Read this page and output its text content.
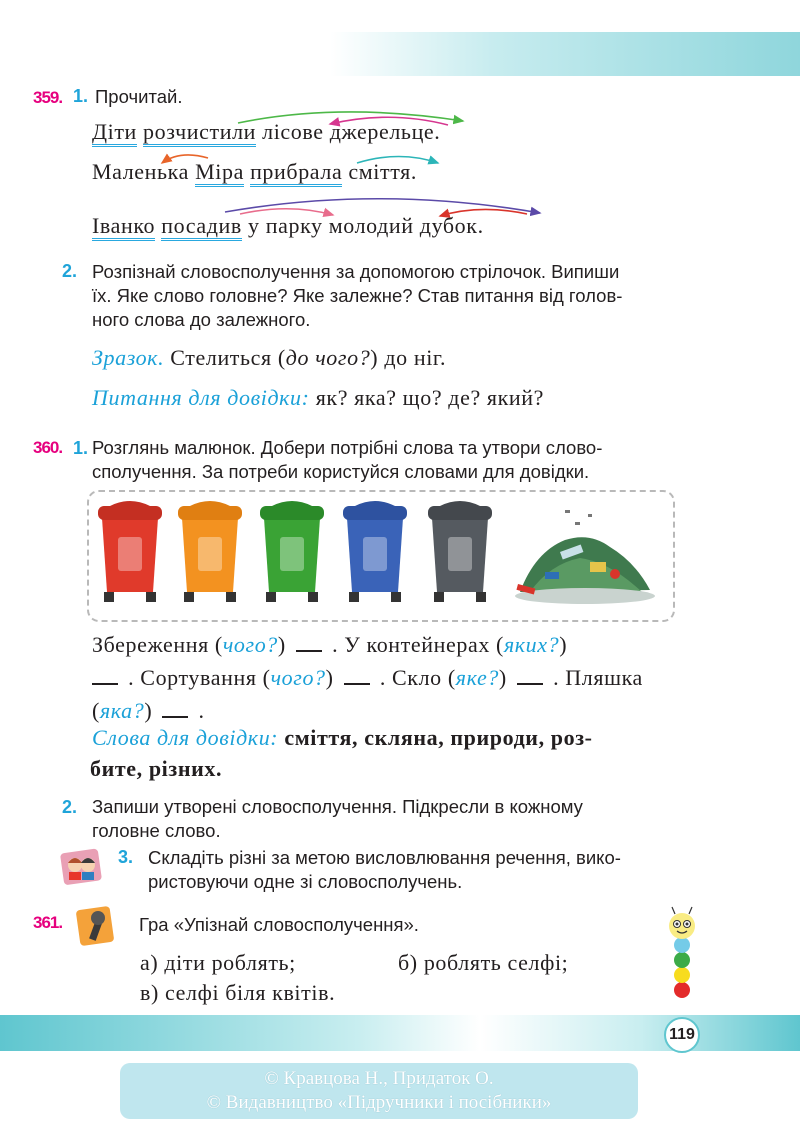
359. 1. Прочитай.
Діти розчистили лісове джерельце.
Маленька Міра прибрала сміття.
Іванко посадив у парку молодий дубок.
2. Розпізнай словосполучення за допомогою стрілочок. Випиши
їх. Яке слово головне? Яке залежне? Став питання від голов-
ного слова до залежного.
Зразок. Стелиться (до чого?) до ніг.
Питання для довідки: як? яка? що? де? який?
360. 1. Розглянь малюнок. Добери потрібні слова та утвори слово-
сполучення. За потреби користуйся словами для довідки.
Збереження (чого?) . У контейнерах (яких?)
. Сортування (чого?) . Скло (яке?) . Пляшка
(яка?) .
Слова для довідки: сміття, скляна, природи, роз-
бите, різних.
2. Запиши утворені словосполучення. Підкресли в кожному
головне слово.
3. Складіть різні за метою висловлювання речення, вико-
ристовуючи одне зі словосполучень.
361.	Гра «Упізнай словосполучення».
а) діти роблять;	б) роблять селфі;
в) селфі біля квітів.
119
© Кравцова Н., Придаток О.
© Видавництво «Підручники і посібники»
